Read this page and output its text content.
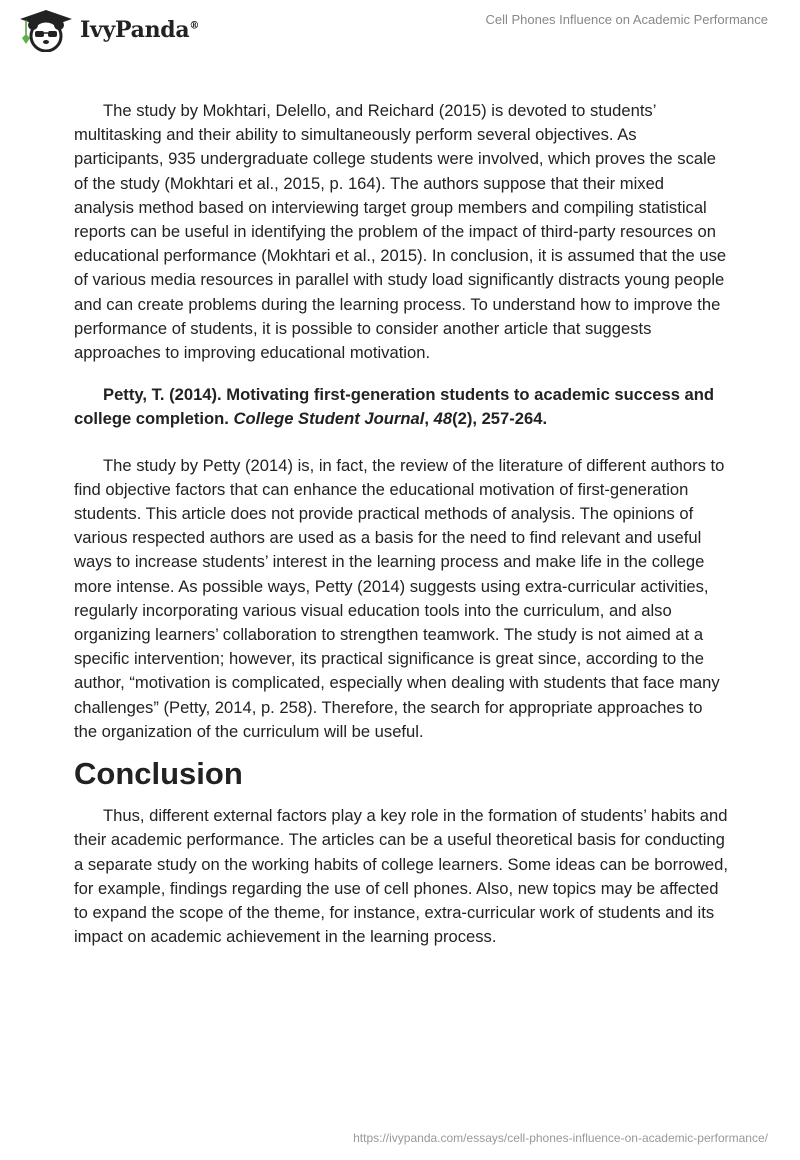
IvyPanda®	Cell Phones Influence on Academic Performance

The study by Mokhtari, Delello, and Reichard (2015) is devoted to students’ multitasking and their ability to simultaneously perform several objectives. As participants, 935 undergraduate college students were involved, which proves the scale of the study (Mokhtari et al., 2015, p. 164). The authors suppose that their mixed analysis method based on interviewing target group members and compiling statistical reports can be useful in identifying the problem of the impact of third-party resources on educational performance (Mokhtari et al., 2015). In conclusion, it is assumed that the use of various media resources in parallel with study load significantly distracts young people and can create problems during the learning process. To understand how to improve the performance of students, it is possible to consider another article that suggests approaches to improving educational motivation.

Petty, T. (2014). Motivating first-generation students to academic success and college completion. College Student Journal, 48(2), 257-264.

The study by Petty (2014) is, in fact, the review of the literature of different authors to find objective factors that can enhance the educational motivation of first-generation students. This article does not provide practical methods of analysis. The opinions of various respected authors are used as a basis for the need to find relevant and useful ways to increase students’ interest in the learning process and make life in the college more intense. As possible ways, Petty (2014) suggests using extra-curricular activities, regularly incorporating various visual education tools into the curriculum, and also organizing learners’ collaboration to strengthen teamwork. The study is not aimed at a specific intervention; however, its practical significance is great since, according to the author, “motivation is complicated, especially when dealing with students that face many challenges” (Petty, 2014, p. 258). Therefore, the search for appropriate approaches to the organization of the curriculum will be useful.

Conclusion

Thus, different external factors play a key role in the formation of students’ habits and their academic performance. The articles can be a useful theoretical basis for conducting a separate study on the working habits of college learners. Some ideas can be borrowed, for example, findings regarding the use of cell phones. Also, new topics may be affected to expand the scope of the theme, for instance, extra-curricular work of students and its impact on academic achievement in the learning process.

https://ivypanda.com/essays/cell-phones-influence-on-academic-performance/
